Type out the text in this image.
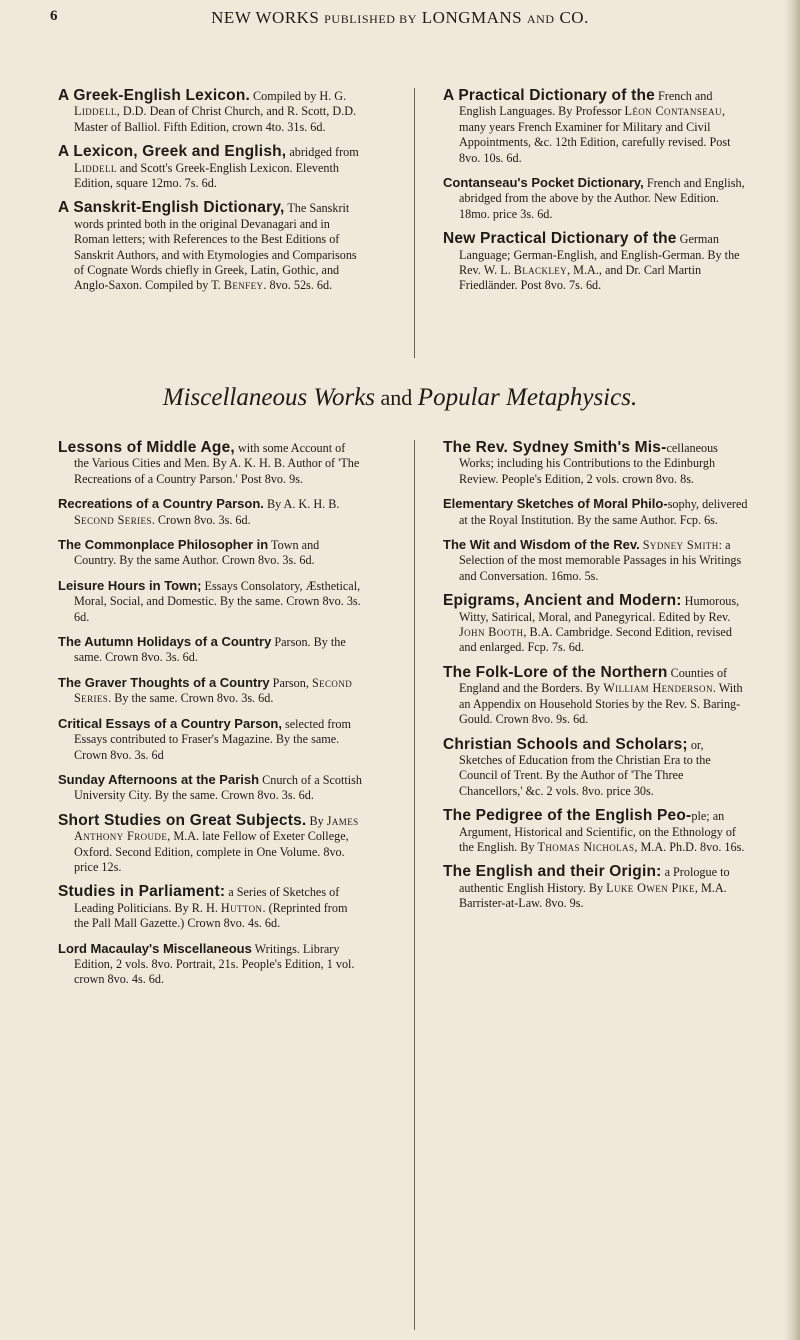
6	NEW WORKS PUBLISHED BY LONGMANS AND CO.
A Greek-English Lexicon. Compiled by H. G. Liddell, D.D. Dean of Christ Church, and R. Scott, D.D. Master of Balliol. Fifth Edition, crown 4to. 31s. 6d.
A Lexicon, Greek and English, abridged from Liddell and Scott's Greek-English Lexicon. Eleventh Edition, square 12mo. 7s. 6d.
A Sanskrit-English Dictionary, The Sanskrit words printed both in the original Devanagari and in Roman letters; with References to the Best Editions of Sanskrit Authors, and with Etymologies and Comparisons of Cognate Words chiefly in Greek, Latin, Gothic, and Anglo-Saxon. Compiled by T. Benfey. 8vo. 52s. 6d.
A Practical Dictionary of the French and English Languages. By Professor Léon Contanseau, many years French Examiner for Military and Civil Appointments, &c. 12th Edition, carefully revised. Post 8vo. 10s. 6d.
Contanseau's Pocket Dictionary, French and English, abridged from the above by the Author. New Edition. 18mo. price 3s. 6d.
New Practical Dictionary of the German Language; German-English, and English-German. By the Rev. W. L. Blackley, M.A., and Dr. Carl Martin Friedländer. Post 8vo. 7s. 6d.
Miscellaneous Works and Popular Metaphysics.
Lessons of Middle Age, with some Account of the Various Cities and Men. By A. K. H. B. Author of 'The Recreations of a Country Parson.' Post 8vo. 9s.
Recreations of a Country Parson. By A. K. H. B. Second Series. Crown 8vo. 3s. 6d.
The Commonplace Philosopher in Town and Country. By the same Author. Crown 8vo. 3s. 6d.
Leisure Hours in Town; Essays Consolatory, Æsthetical, Moral, Social, and Domestic. By the same. Crown 8vo. 3s. 6d.
The Autumn Holidays of a Country Parson. By the same. Crown 8vo. 3s. 6d.
The Graver Thoughts of a Country Parson, Second Series. By the same. Crown 8vo. 3s. 6d.
Critical Essays of a Country Parson, selected from Essays contributed to Fraser's Magazine. By the same. Crown 8vo. 3s. 6d
Sunday Afternoons at the Parish Cnurch of a Scottish University City. By the same. Crown 8vo. 3s. 6d.
Short Studies on Great Subjects. By James Anthony Froude, M.A. late Fellow of Exeter College, Oxford. Second Edition, complete in One Volume. 8vo. price 12s.
Studies in Parliament: a Series of Sketches of Leading Politicians. By R. H. Hutton. (Reprinted from the Pall Mall Gazette.) Crown 8vo. 4s. 6d.
Lord Macaulay's Miscellaneous Writings. Library Edition, 2 vols. 8vo. Portrait, 21s. People's Edition, 1 vol. crown 8vo. 4s. 6d.
The Rev. Sydney Smith's Mis-cellaneous Works; including his Contributions to the Edinburgh Review. People's Edition, 2 vols. crown 8vo. 8s.
Elementary Sketches of Moral Philo-sophy, delivered at the Royal Institution. By the same Author. Fcp. 6s.
The Wit and Wisdom of the Rev. Sydney Smith: a Selection of the most memorable Passages in his Writings and Conversation. 16mo. 5s.
Epigrams, Ancient and Modern: Humorous, Witty, Satirical, Moral, and Panegyrical. Edited by Rev. John Booth, B.A. Cambridge. Second Edition, revised and enlarged. Fcp. 7s. 6d.
The Folk-Lore of the Northern Counties of England and the Borders. By William Henderson. With an Appendix on Household Stories by the Rev. S. Baring-Gould. Crown 8vo. 9s. 6d.
Christian Schools and Scholars; or, Sketches of Education from the Christian Era to the Council of Trent. By the Author of 'The Three Chancellors,' &c. 2 vols. 8vo. price 30s.
The Pedigree of the English Peo-ple; an Argument, Historical and Scientific, on the Ethnology of the English. By Thomas Nicholas, M.A. Ph.D. 8vo. 16s.
The English and their Origin: a Prologue to authentic English History. By Luke Owen Pike, M.A. Barrister-at-Law. 8vo. 9s.
